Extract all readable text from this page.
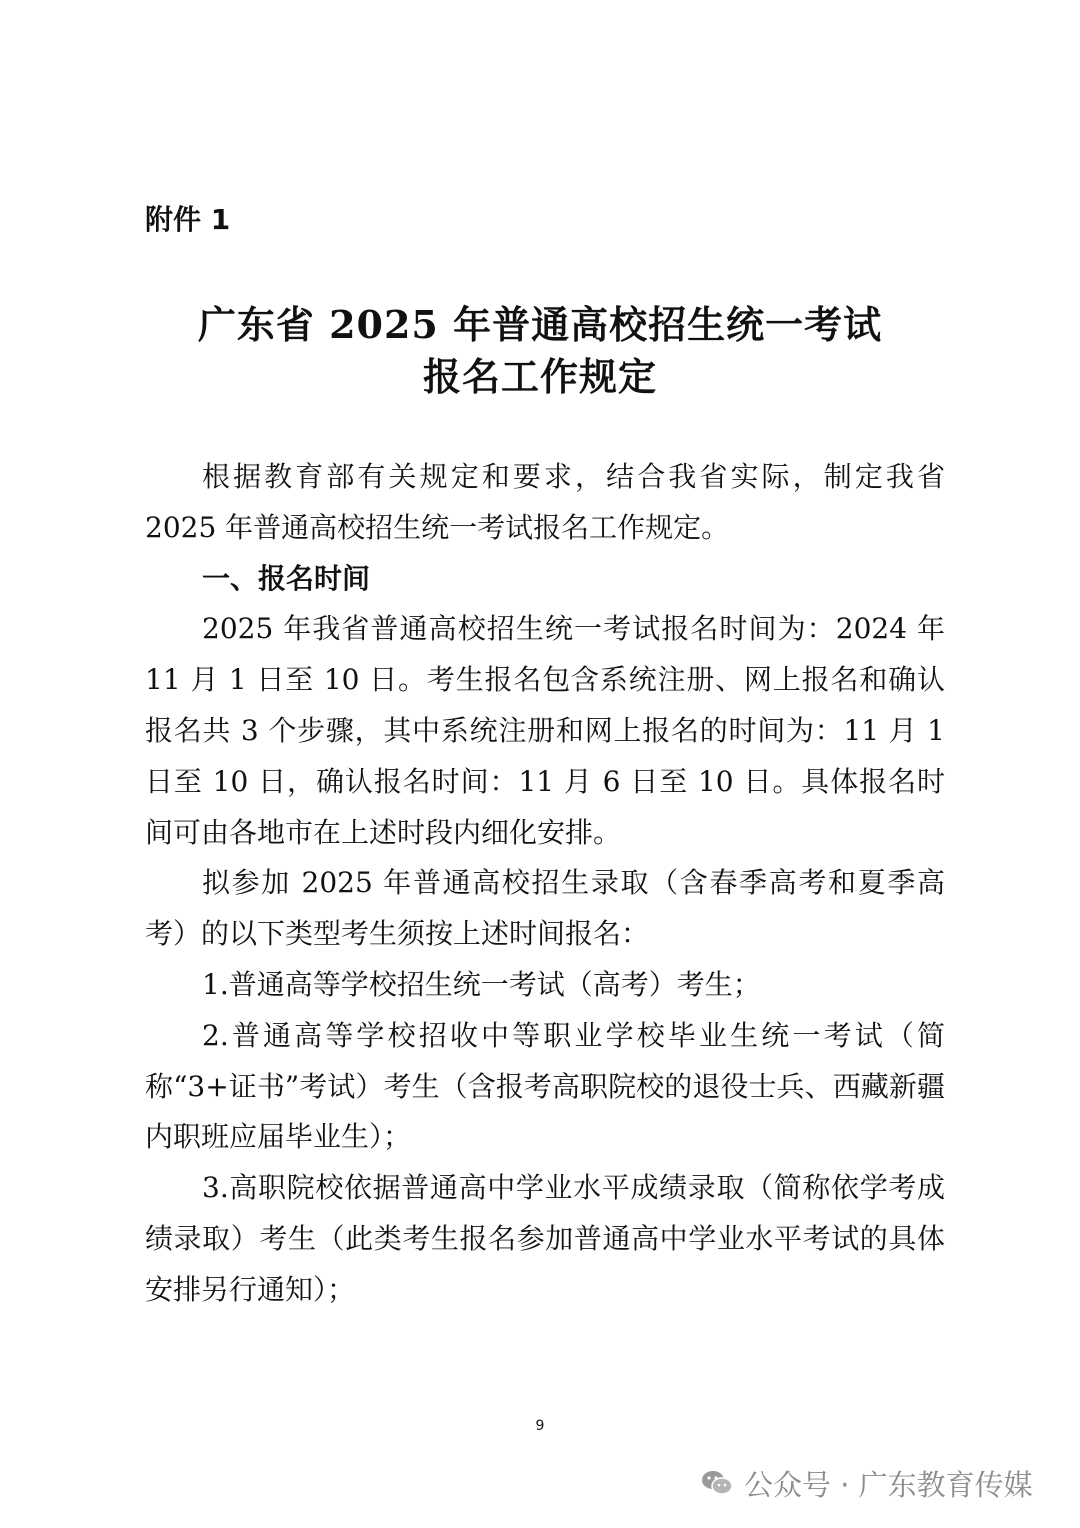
附件 1
广东省 2025 年普通高校招生统一考试
报名工作规定

根据教育部有关规定和要求，结合我省实际，制定我省 2025 年普通高校招生统一考试报名工作规定。

一、报名时间

2025 年我省普通高校招生统一考试报名时间为：2024 年 11 月 1 日至 10 日。考生报名包含系统注册、网上报名和确认报名共 3 个步骤，其中系统注册和网上报名的时间为：11 月 1 日至 10 日，确认报名时间：11 月 6 日至 10 日。具体报名时间可由各地市在上述时段内细化安排。

拟参加 2025 年普通高校招生录取（含春季高考和夏季高考）的以下类型考生须按上述时间报名：

1.普通高等学校招生统一考试（高考）考生；

2.普通高等学校招收中等职业学校毕业生统一考试（简称“3+证书”考试）考生（含报考高职院校的退役士兵、西藏新疆内职班应届毕业生）；

3.高职院校依据普通高中学业水平成绩录取（简称依学考成绩录取）考生（此类考生报名参加普通高中学业水平考试的具体安排另行通知）；

9
公众号 · 广东教育传媒
